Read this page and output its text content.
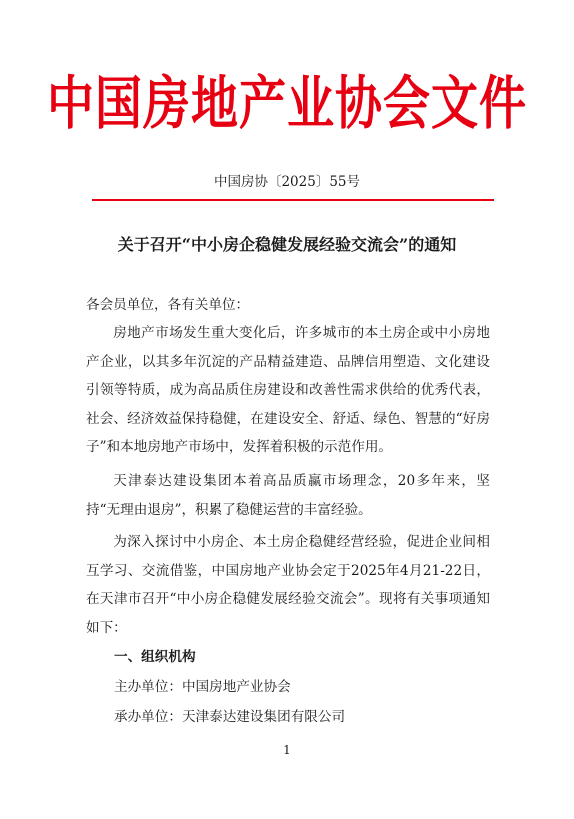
中国房地产业协会文件
中国房协〔2025〕55号
关于召开“中小房企稳健发展经验交流会”的通知
各会员单位，各有关单位：

房地产市场发生重大变化后，许多城市的本土房企或中小房地产企业，以其多年沉淀的产品精益建造、品牌信用塑造、文化建设引领等特质，成为高品质住房建设和改善性需求供给的优秀代表，社会、经济效益保持稳健，在建设安全、舒适、绿色、智慧的“好房子”和本地房地产市场中，发挥着积极的示范作用。

天津泰达建设集团本着高品质赢市场理念，20多年来，坚持“无理由退房”，积累了稳健运营的丰富经验。

为深入探讨中小房企、本土房企稳健经营经验，促进企业间相互学习、交流借鉴，中国房地产业协会定于2025年4月21-22日，在天津市召开“中小房企稳健发展经验交流会”。现将有关事项通知如下：

一、组织机构
主办单位：中国房地产业协会
承办单位：天津泰达建设集团有限公司
1
